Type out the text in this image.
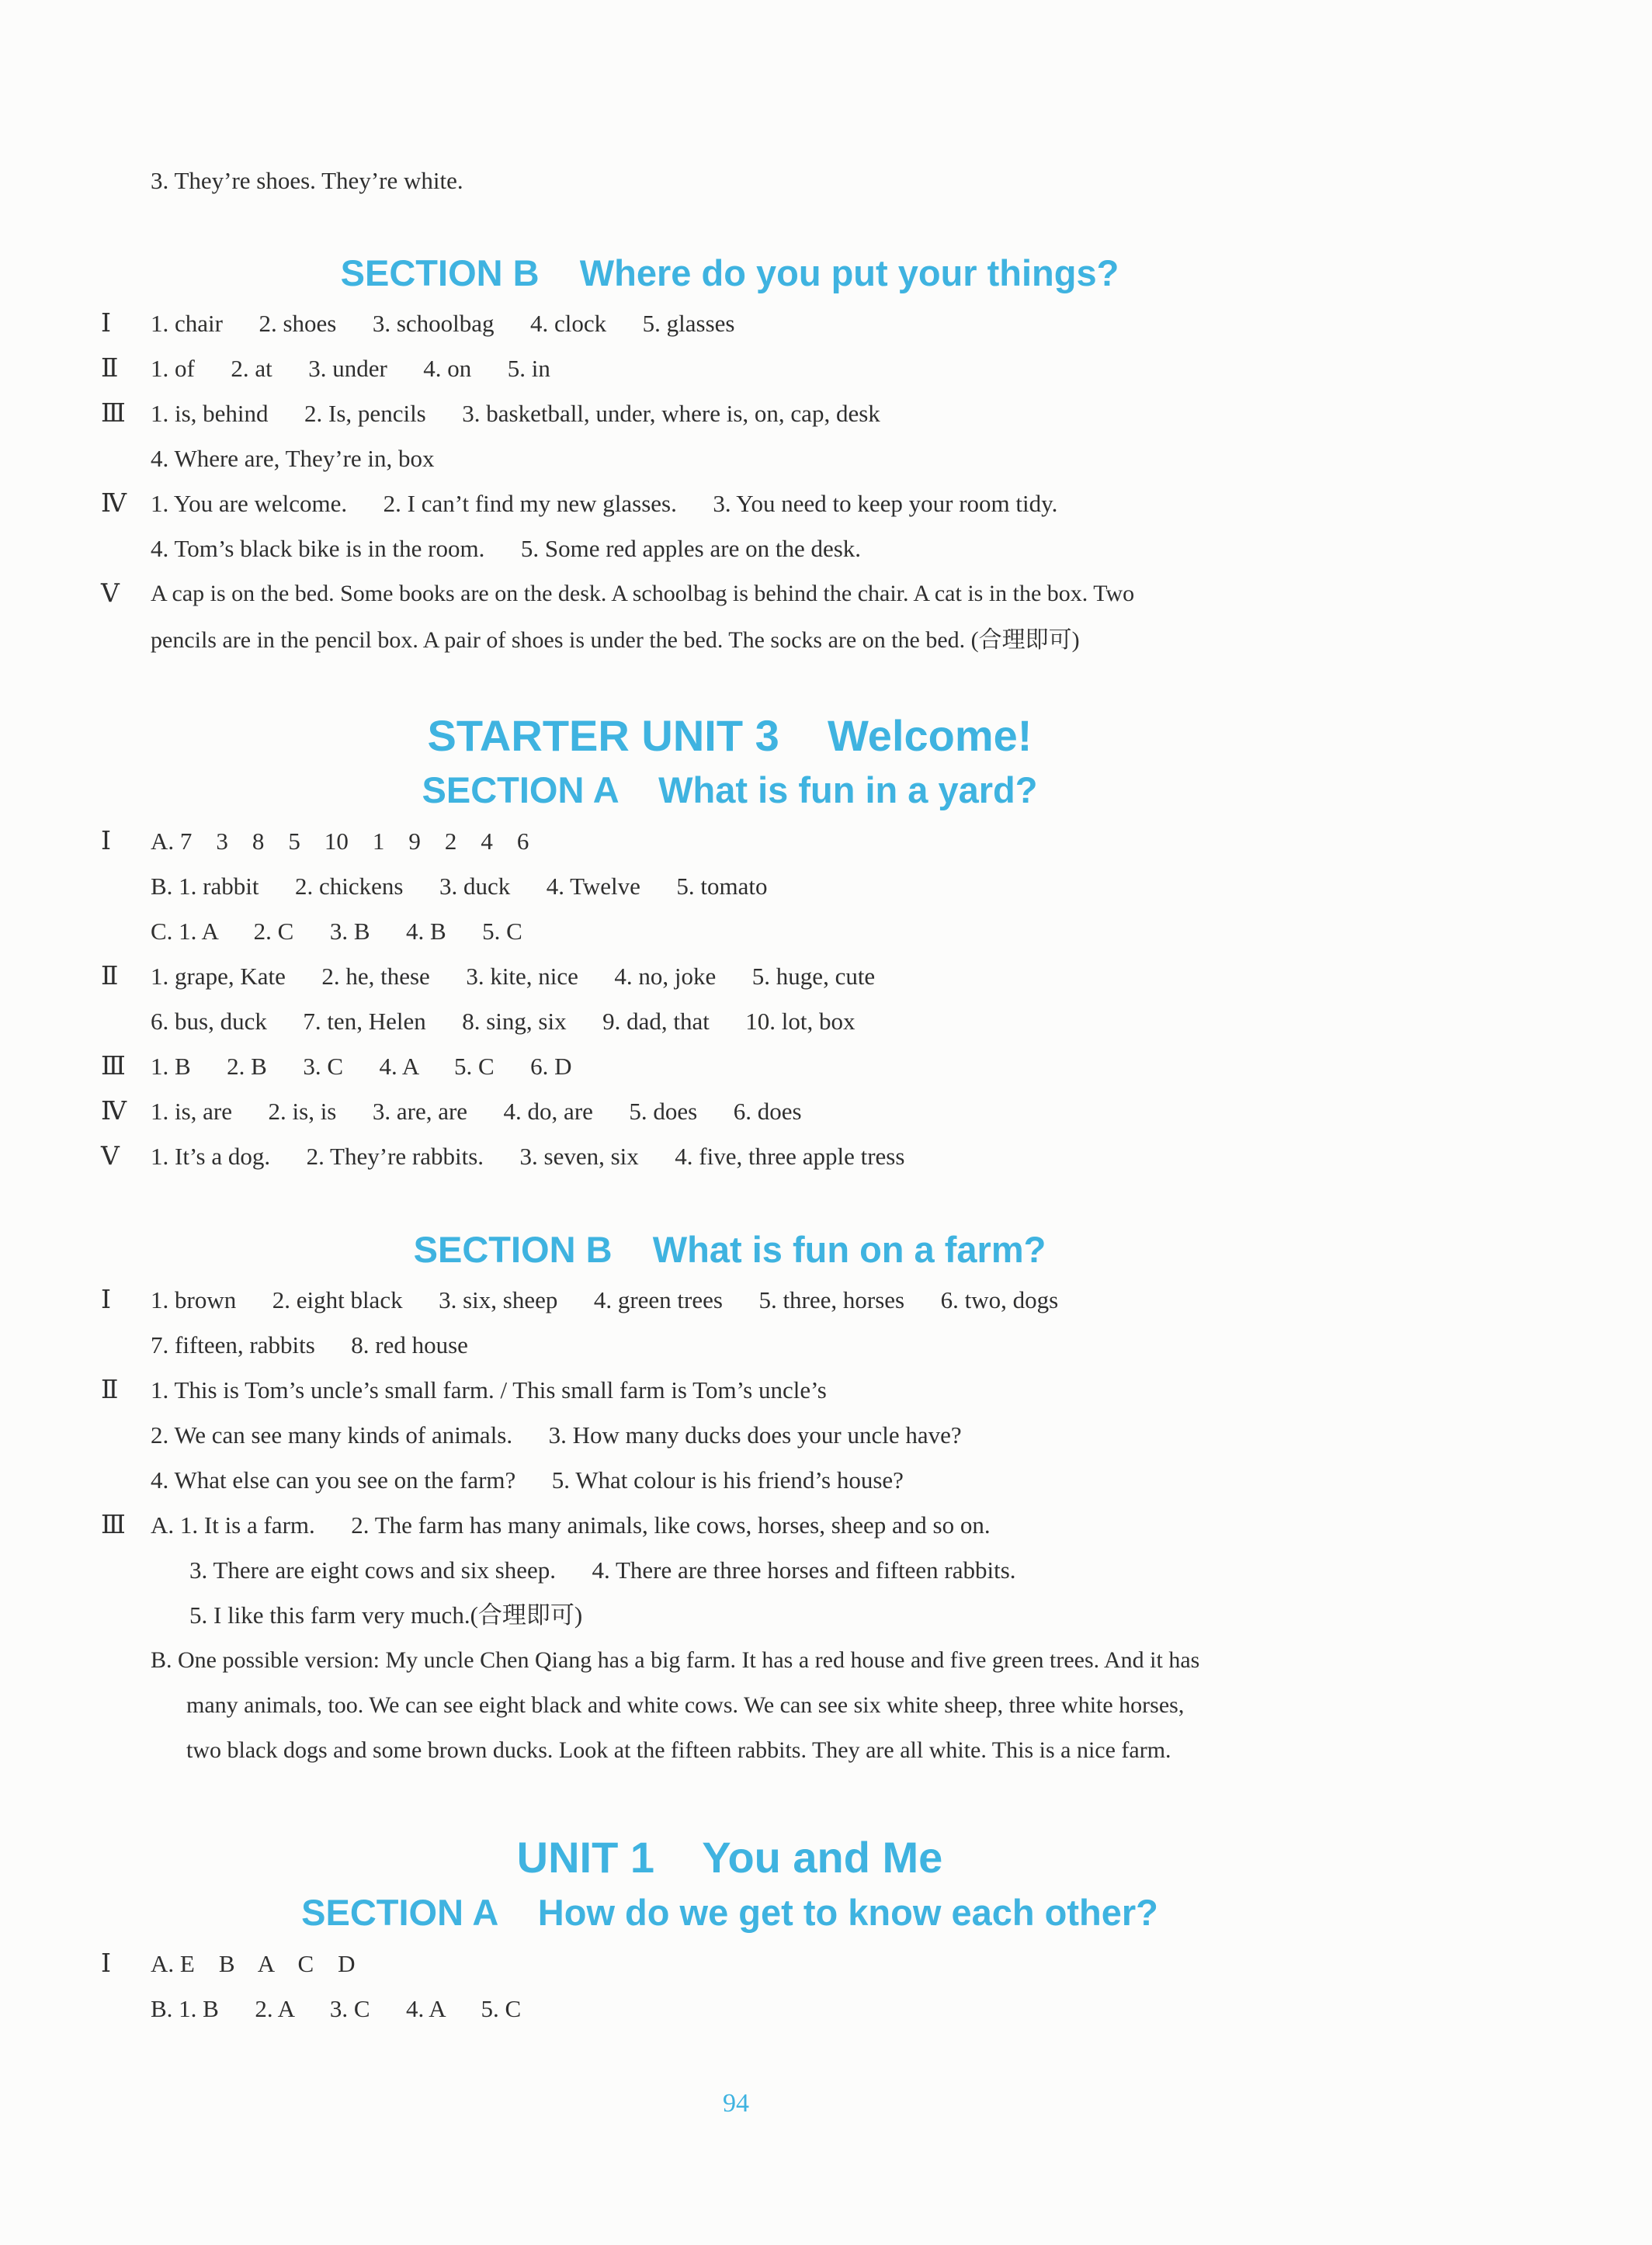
3. They’re shoes. They’re white.
SECTION B    Where do you put your things?
Ⅰ 1. chair      2. shoes      3. schoolbag      4. clock      5. glasses
Ⅱ 1. of      2. at      3. under      4. on      5. in
Ⅲ 1. is, behind      2. Is, pencils      3. basketball, under, where is, on, cap, desk
4. Where are, They’re in, box
Ⅳ 1. You are welcome.      2. I can’t find my new glasses.      3. You need to keep your room tidy.
4. Tom’s black bike is in the room.      5. Some red apples are on the desk.
Ⅴ A cap is on the bed. Some books are on the desk. A schoolbag is behind the chair. A cat is in the box. Two
pencils are in the pencil box. A pair of shoes is under the bed. The socks are on the bed. (合理即可)
STARTER UNIT 3    Welcome!
SECTION A    What is fun in a yard?
Ⅰ A. 7    3    8    5    10    1    9    2    4    6
B. 1. rabbit      2. chickens      3. duck      4. Twelve      5. tomato
C. 1. A      2. C      3. B      4. B      5. C
Ⅱ 1. grape, Kate      2. he, these      3. kite, nice      4. no, joke      5. huge, cute
6. bus, duck      7. ten, Helen      8. sing, six      9. dad, that      10. lot, box
Ⅲ 1. B      2. B      3. C      4. A      5. C      6. D
Ⅳ 1. is, are      2. is, is      3. are, are      4. do, are      5. does      6. does
Ⅴ 1. It’s a dog.      2. They’re rabbits.      3. seven, six      4. five, three apple tress
SECTION B    What is fun on a farm?
Ⅰ 1. brown      2. eight black      3. six, sheep      4. green trees      5. three, horses      6. two, dogs
7. fifteen, rabbits      8. red house
Ⅱ 1. This is Tom’s uncle’s small farm. / This small farm is Tom’s uncle’s
2. We can see many kinds of animals.      3. How many ducks does your uncle have?
4. What else can you see on the farm?      5. What colour is his friend’s house?
Ⅲ A. 1. It is a farm.      2. The farm has many animals, like cows, horses, sheep and so on.
3. There are eight cows and six sheep.      4. There are three horses and fifteen rabbits.
5. I like this farm very much.(合理即可)
B. One possible version: My uncle Chen Qiang has a big farm. It has a red house and five green trees. And it has
many animals, too. We can see eight black and white cows. We can see six white sheep, three white horses,
two black dogs and some brown ducks. Look at the fifteen rabbits. They are all white. This is a nice farm.
UNIT 1    You and Me
SECTION A    How do we get to know each other?
Ⅰ A. E    B    A    C    D
B. 1. B      2. A      3. C      4. A      5. C
94
